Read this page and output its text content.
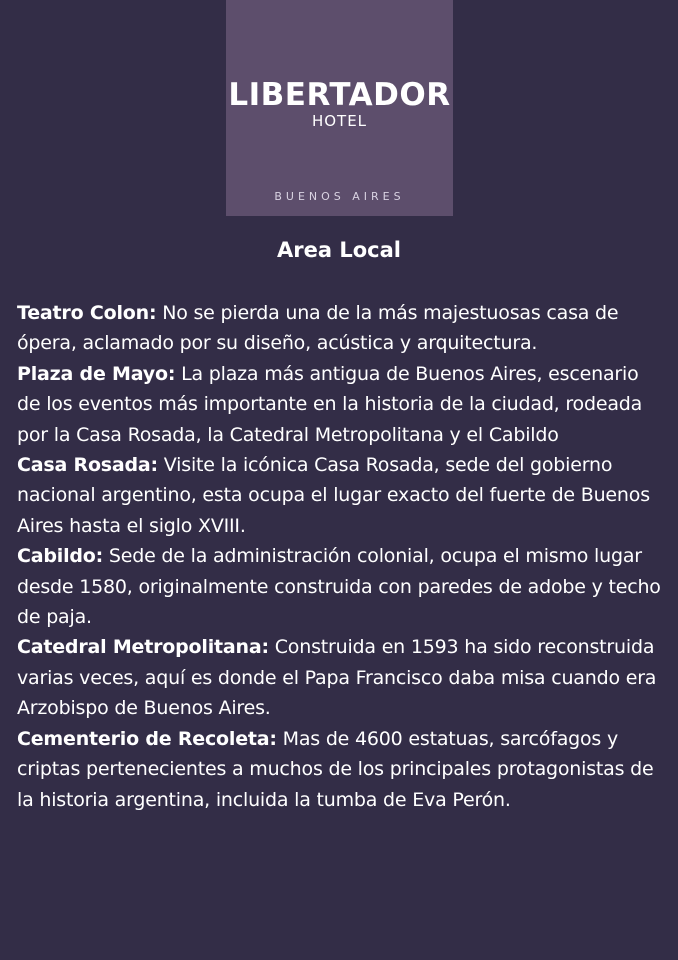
LIBERTADOR
HOTEL
BUENOS AIRES
Area Local

Teatro Colon: No se pierda una de la más majestuosas casa de ópera, aclamado por su diseño, acústica y arquitectura.

Plaza de Mayo: La plaza más antigua de Buenos Aires, escenario de los eventos más importante en la historia de la ciudad, rodeada por la Casa Rosada, la Catedral Metropolitana y el Cabildo

Casa Rosada: Visite la icónica Casa Rosada, sede del gobierno nacional argentino, esta ocupa el lugar exacto del fuerte de Buenos Aires hasta el siglo XVIII.

Cabildo: Sede de la administración colonial, ocupa el mismo lugar desde 1580, originalmente construida con paredes de adobe y techo de paja.

Catedral Metropolitana: Construida en 1593 ha sido reconstruida varias veces, aquí es donde el Papa Francisco daba misa cuando era Arzobispo de Buenos Aires.

Cementerio de Recoleta: Mas de 4600 estatuas, sarcófagos y criptas pertenecientes a muchos de los principales protagonistas de la historia argentina, incluida la tumba de Eva Perón.
